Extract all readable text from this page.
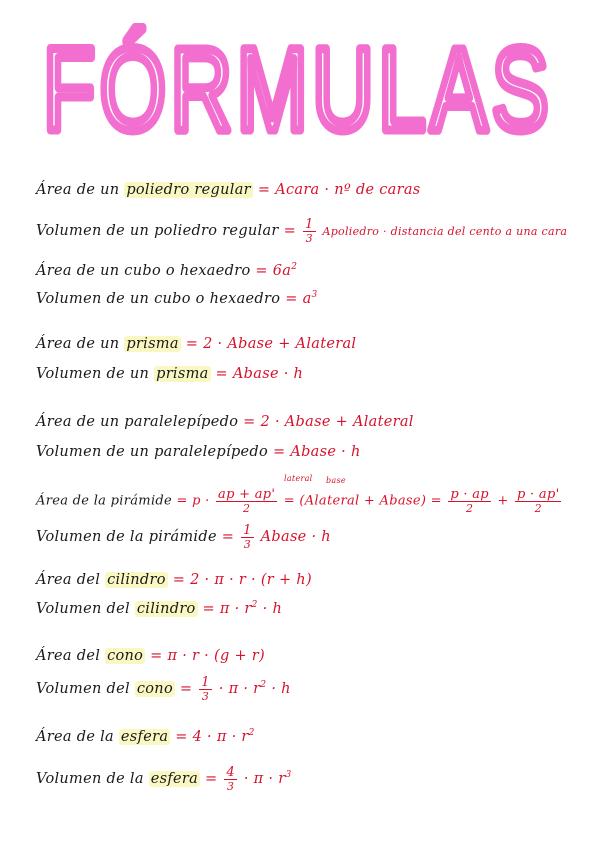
FÓRMULAS
Área de un poliedro regular = Acara · nº de caras
Volumen de un poliedro regular = $\frac{1}{3}$ Apoliedro · distancia del cento a una cara
Área de un cubo o hexaedro = $6a^2$
Volumen de un cubo o hexaedro = $a^3$
Área de un prisma = 2 · Abase + Alateral
Volumen de un prisma = Abase · h
Área de un paralelepípedo = 2 · Abase + Alateral
Volumen de un paralelepípedo = Abase · h
Área de la pirámide = $p \cdot \frac{ap + ap'}{2}$

lateral base
= (Alateral + Abase) = $\frac{p \cdot ap}{2} + \frac{p \cdot ap'}{2}$
Volumen de la pirámide = $\frac{1}{3}$ Abase · h
Área del cilindro = 2 · π · r · (r + h)
Volumen del cilindro = $\pi \cdot r^2 \cdot h$
Área del cono = π · r · (g + r)
Volumen del cono = $\frac{1}{3} \cdot \pi \cdot r^2 \cdot h$
Área de la esfera = $4 \cdot \pi \cdot r^2$
Volumen de la esfera = $\frac{4}{3} \cdot \pi \cdot r^3$
